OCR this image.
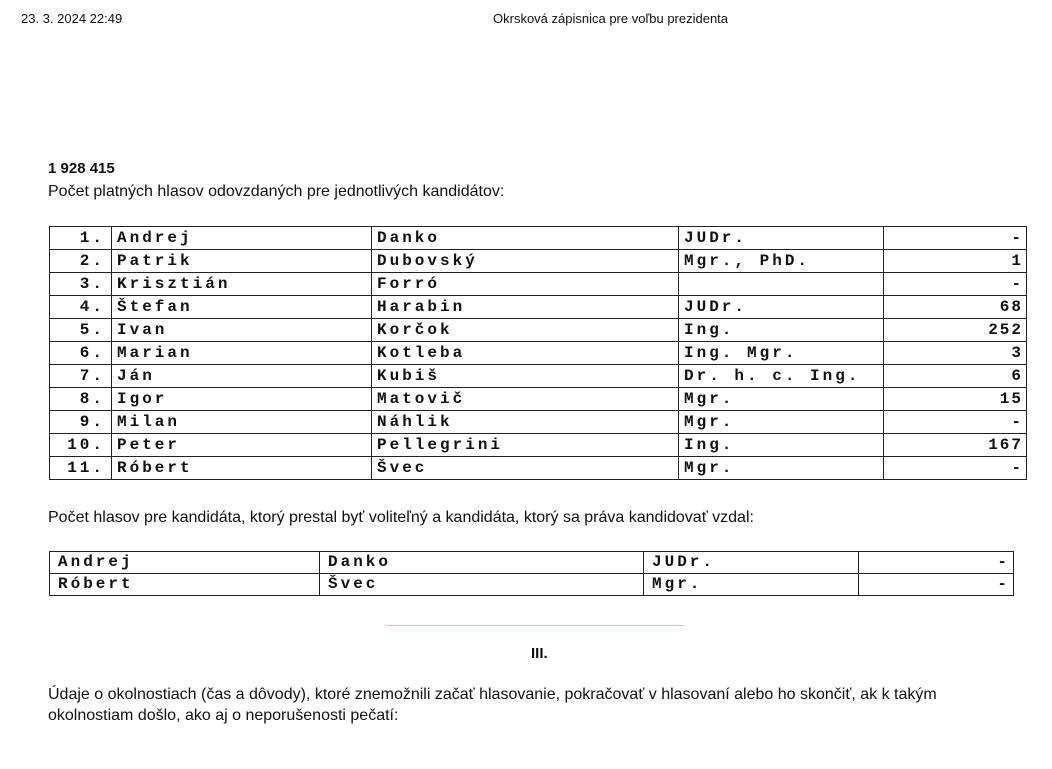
23. 3. 2024 22:49	Okrsková zápisnica pre voľbu prezidenta
1 928 415
Počet platných hlasov odovzdaných pre jednotlivých kandidátov:
1.	Andrej	Danko	JUDr.	-
2.	Patrik	Dubovský	Mgr., PhD.	1
3.	Krisztián	Forró		-
4.	Štefan	Harabin	JUDr.	68
5.	Ivan	Korčok	Ing.	252
6.	Marian	Kotleba	Ing. Mgr.	3
7.	Ján	Kubiš	Dr. h. c. Ing.	6
8.	Igor	Matovič	Mgr.	15
9.	Milan	Náhlik	Mgr.	-
10.	Peter	Pellegrini	Ing.	167
11.	Róbert	Švec	Mgr.	-
Počet hlasov pre kandidáta, ktorý prestal byť voliteľný a kandidáta, ktorý sa práva kandidovať vzdal:
Andrej	Danko	JUDr.	-
Róbert	Švec	Mgr.	-
III.
Údaje o okolnostiach (čas a dôvody), ktoré znemožnili začať hlasovanie, pokračovať v hlasovaní alebo ho skončiť, ak k takým okolnostiam došlo, ako aj o neporušenosti pečatí:
